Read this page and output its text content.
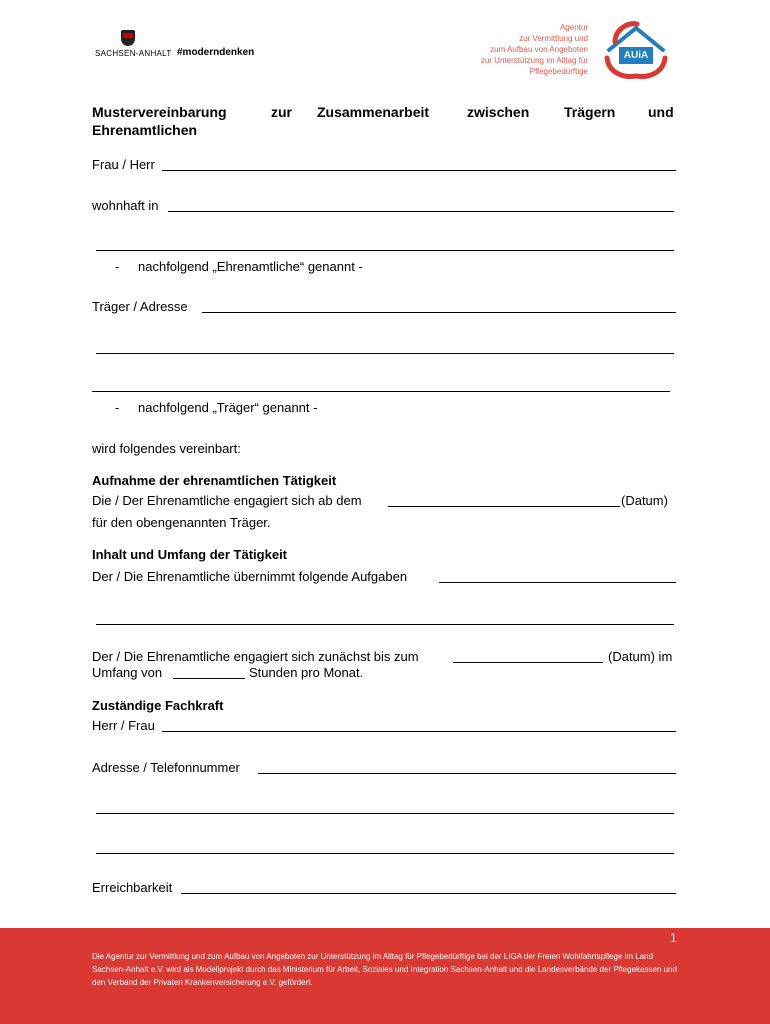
SACHSEN-ANHALT #moderndenken
Agentur
zur Vermittlung und
zum Aufbau von Angeboten
zur Unterstützung im Alltag für
Pflegebedürftige
AUiA
Mustervereinbarung	zur Zusammenarbeit	zwischen Trägern und
Ehrenamtlichen
Frau / Herr
wohnhaft in
- nachfolgend „Ehrenamtliche“ genannt -
Träger / Adresse
- nachfolgend „Träger“ genannt -
wird folgendes vereinbart:
Aufnahme der ehrenamtlichen Tätigkeit
Die / Der Ehrenamtliche engagiert sich ab dem	(Datum)
für den obengenannten Träger.
Inhalt und Umfang der Tätigkeit
Der / Die Ehrenamtliche übernimmt folgende Aufgaben
Der / Die Ehrenamtliche engagiert sich zunächst bis zum	(Datum) im
Umfang von	Stunden pro Monat.
Zuständige Fachkraft
Herr / Frau
Adresse / Telefonnummer
Erreichbarkeit
1
Die Agentur zur Vermittlung und zum Aufbau von Angeboten zur Unterstützung im Alltag für Pflegebedürftige bei der LIGA der Freien Wohlfahrtspflege im Land Sachsen-Anhalt e.V. wird als Modellprojekt durch das Ministerium für Arbeit, Soziales und Integration Sachsen-Anhalt und die Landesverbände der Pflegekassen und den Verband der Privaten Krankenversicherung e.V. gefördert.
